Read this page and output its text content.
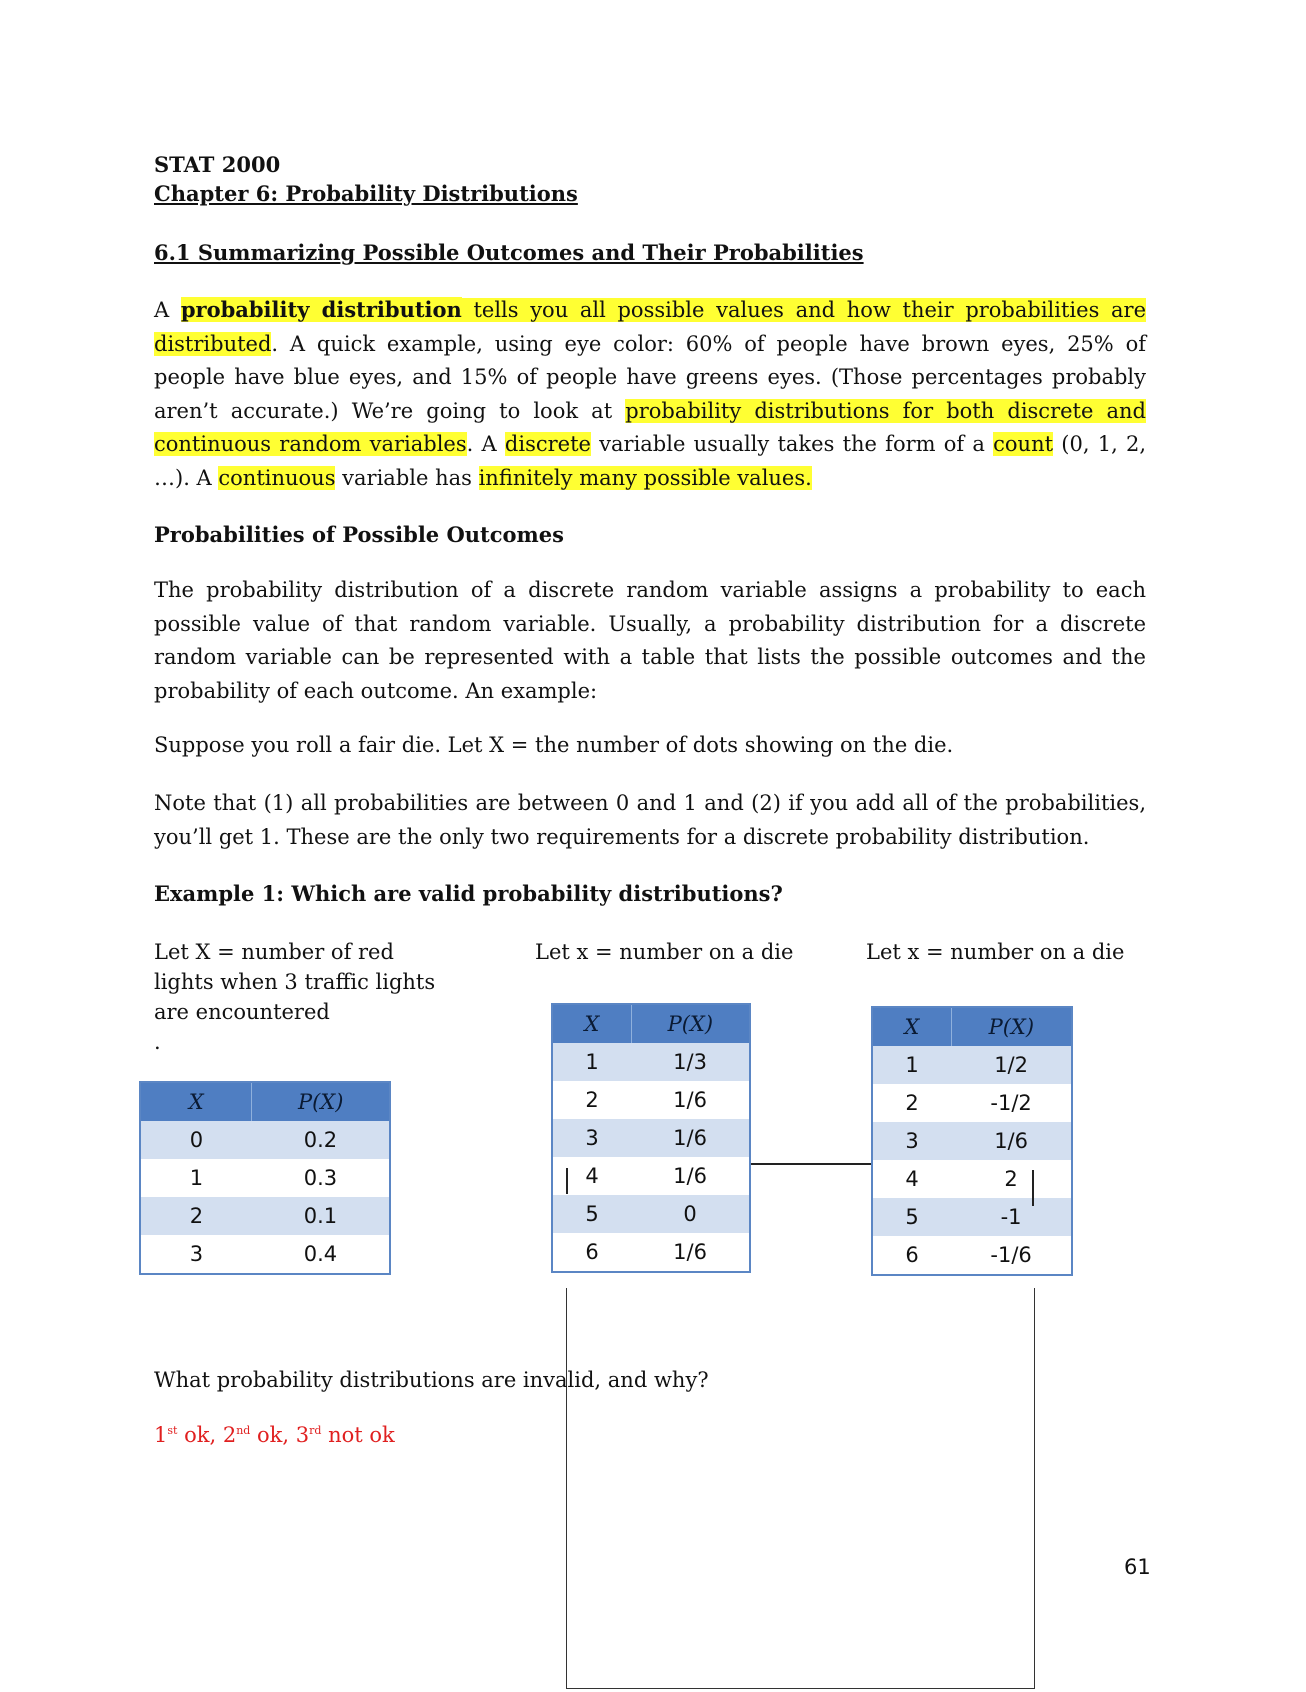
STAT 2000
Chapter 6: Probability Distributions
6.1 Summarizing Possible Outcomes and Their Probabilities
A probability distribution tells you all possible values and how their probabilities are distributed. A quick example, using eye color: 60% of people have brown eyes, 25% of people have blue eyes, and 15% of people have greens eyes. (Those percentages probably aren’t accurate.) We’re going to look at probability distributions for both discrete and continuous random variables. A discrete variable usually takes the form of a count (0, 1, 2, …). A continuous variable has infinitely many possible values.
Probabilities of Possible Outcomes
The probability distribution of a discrete random variable assigns a probability to each possible value of that random variable. Usually, a probability distribution for a discrete random variable can be represented with a table that lists the possible outcomes and the probability of each outcome. An example:
Suppose you roll a fair die. Let X = the number of dots showing on the die.
Note that (1) all probabilities are between 0 and 1 and (2) if you add all of the probabilities, you’ll get 1. These are the only two requirements for a discrete probability distribution.
Example 1: Which are valid probability distributions?
Let X = number of red
lights when 3 traffic lights
are encountered
.
Let x = number on a die	Let x = number on a die
X	P(X)
0	0.2
1	0.3
2	0.1
3	0.4
X	P(X)
1	1/3
2	1/6
3	1/6
4	1/6
5	0
6	1/6
X	P(X)
1	1/2
2	-1/2
3	1/6
4	2
5	-1
6	-1/6
What probability distributions are invalid, and why?
1st ok, 2nd ok, 3rd not ok
61
